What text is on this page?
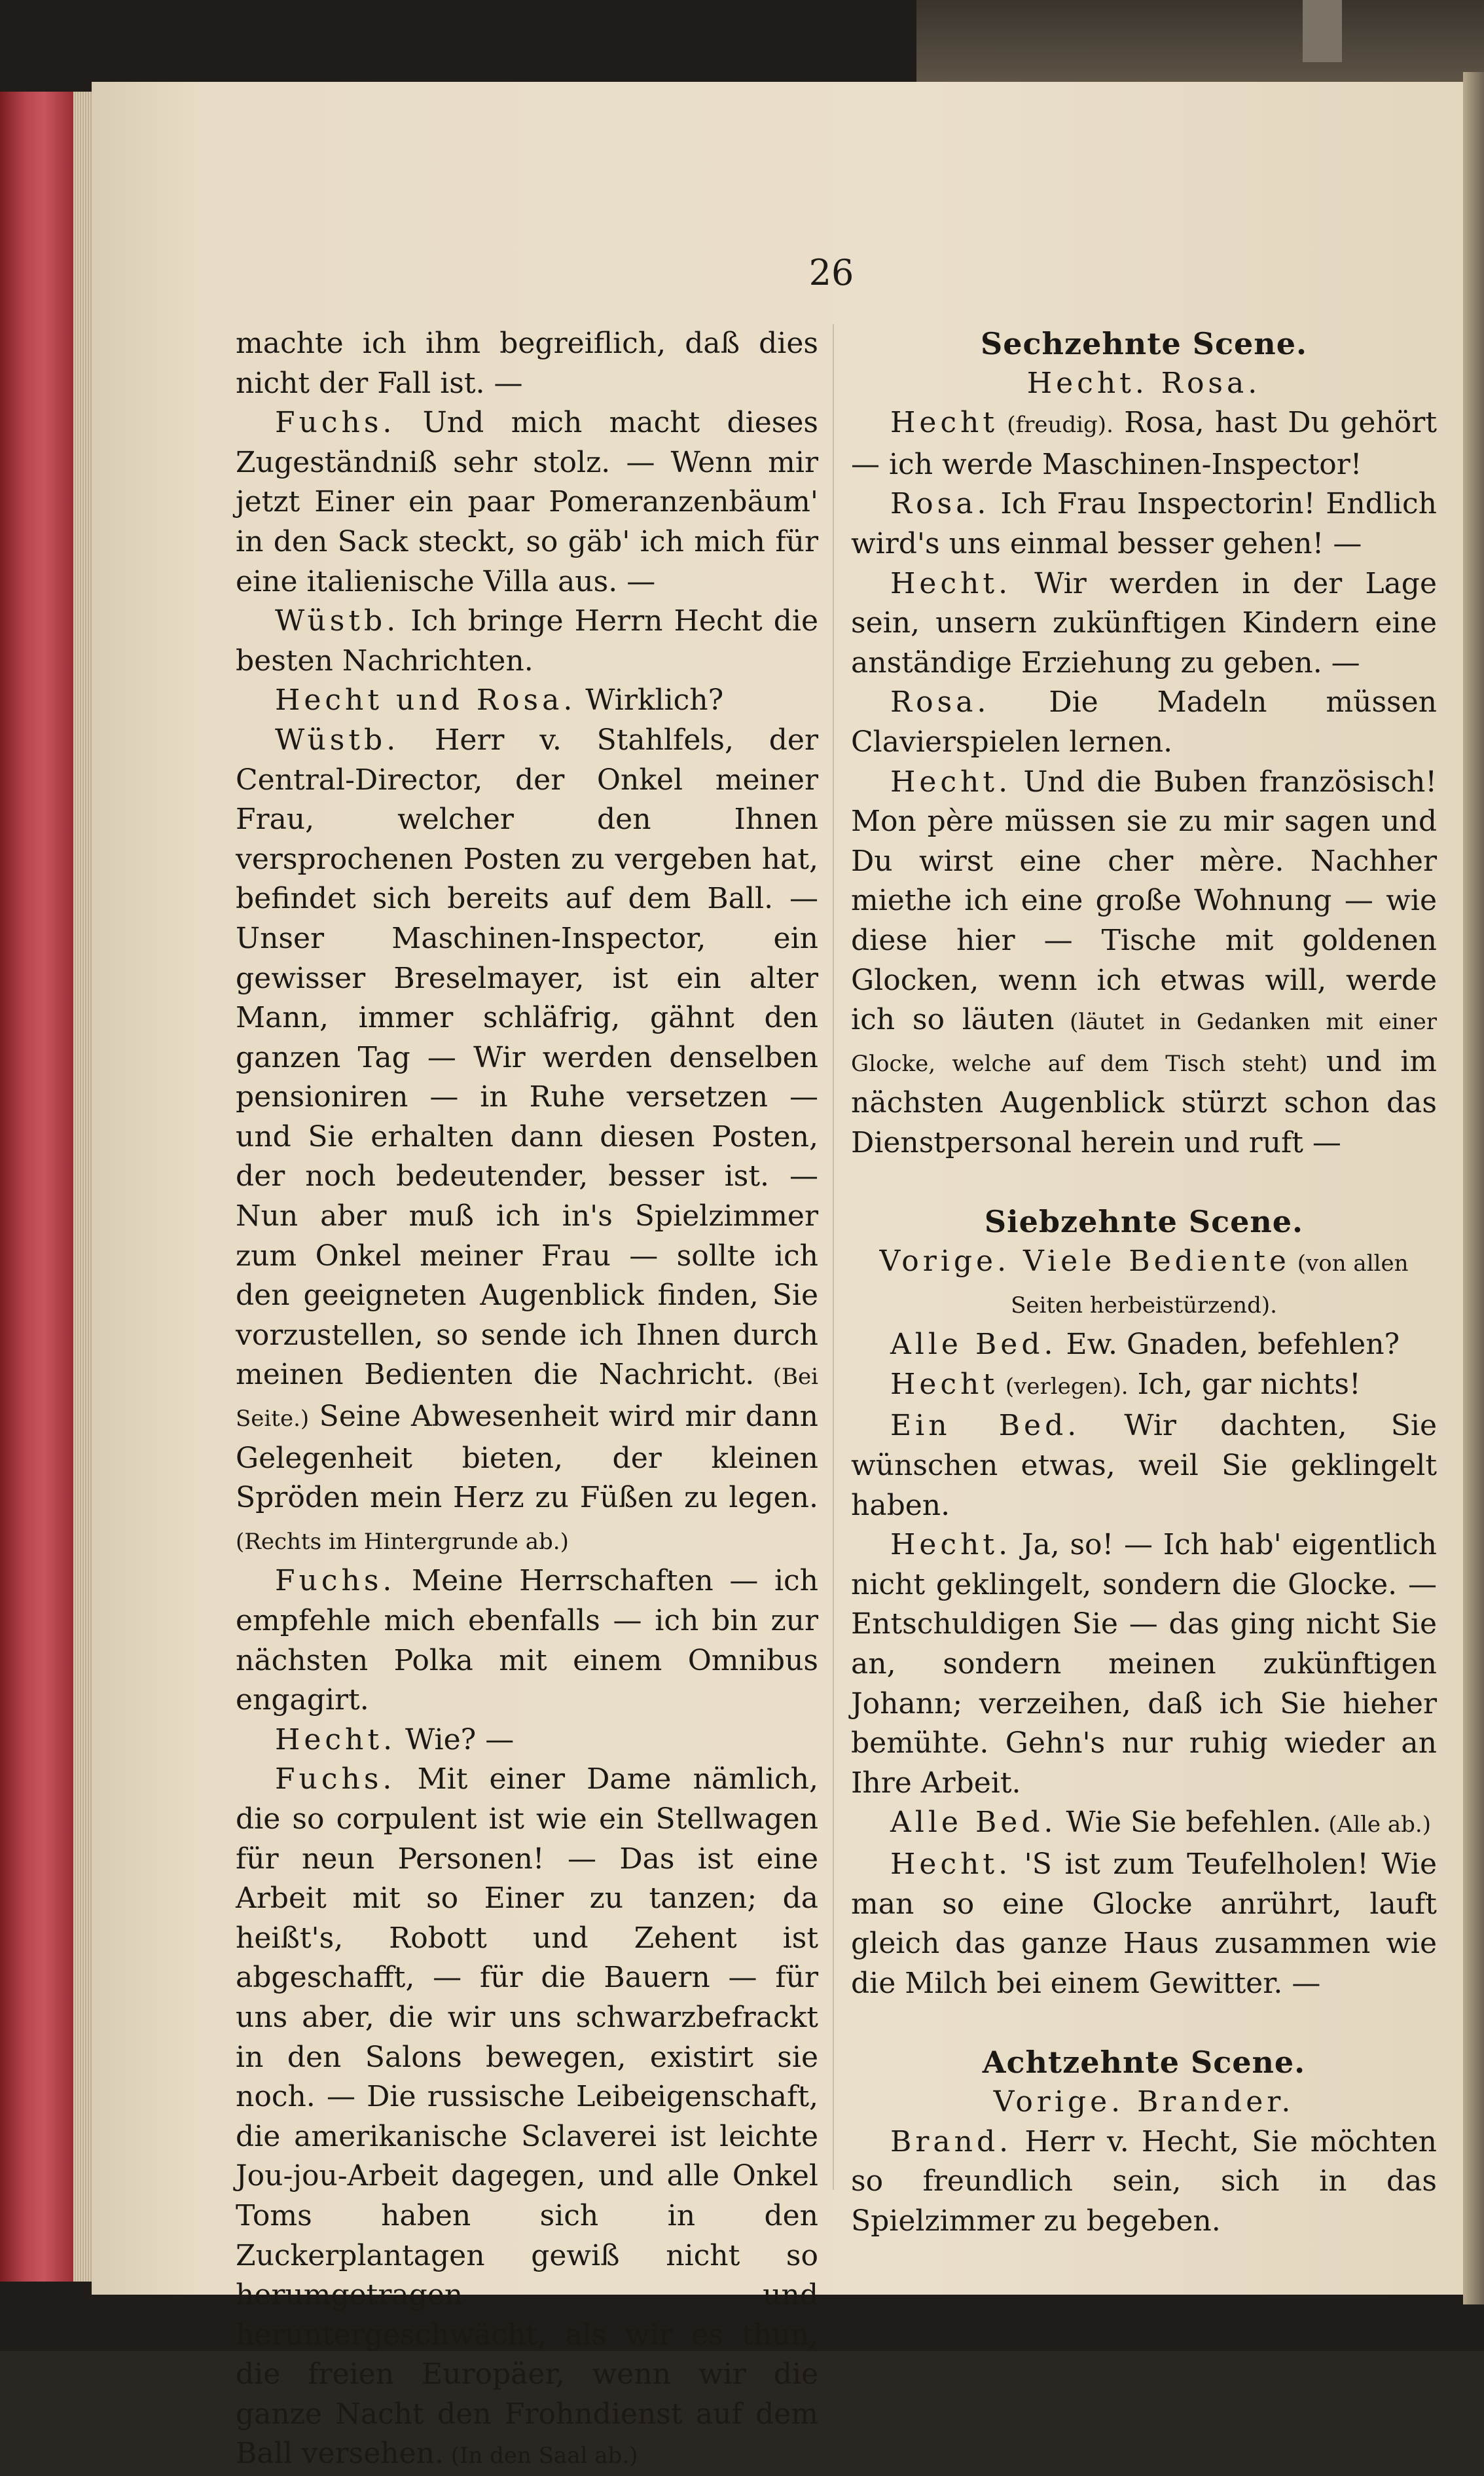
26

machte ich ihm begreiflich, daß dies nicht der Fall ist. —

Fuchs. Und mich macht dieses Zugeständniß sehr stolz. — Wenn mir jetzt Einer ein paar Pomeranzenbäum' in den Sack steckt, so gäb' ich mich für eine italienische Villa aus. —

Wüstb. Ich bringe Herrn Hecht die besten Nachrichten.

Hecht und Rosa. Wirklich?

Wüstb. Herr v. Stahlfels, der Central-Director, der Onkel meiner Frau, welcher den Ihnen versprochenen Posten zu vergeben hat, befindet sich bereits auf dem Ball. — Unser Maschinen-Inspector, ein gewisser Breselmayer, ist ein alter Mann, immer schläfrig, gähnt den ganzen Tag — Wir werden denselben pensioniren — in Ruhe versetzen — und Sie erhalten dann diesen Posten, der noch bedeutender, besser ist. — Nun aber muß ich in's Spielzimmer zum Onkel meiner Frau — sollte ich den geeigneten Augenblick finden, Sie vorzustellen, so sende ich Ihnen durch meinen Bedienten die Nachricht. (Bei Seite.) Seine Abwesenheit wird mir dann Gelegenheit bieten, der kleinen Spröden mein Herz zu Füßen zu legen. (Rechts im Hintergrunde ab.)

Fuchs. Meine Herrschaften — ich empfehle mich ebenfalls — ich bin zur nächsten Polka mit einem Omnibus engagirt.

Hecht. Wie? —

Fuchs. Mit einer Dame nämlich, die so corpulent ist wie ein Stellwagen für neun Personen! — Das ist eine Arbeit mit so Einer zu tanzen; da heißt's, Robott und Zehent ist abgeschafft, — für die Bauern — für uns aber, die wir uns schwarzbefrackt in den Salons bewegen, existirt sie noch. — Die russische Leibeigenschaft, die amerikanische Sclaverei ist leichte Jou-jou-Arbeit dagegen, und alle Onkel Toms haben sich in den Zuckerplantagen gewiß nicht so herumgetragen und heruntergeschwächt, als wir es thun, die freien Europäer, wenn wir die ganze Nacht den Frohndienst auf dem Ball versehen. (In den Saal ab.)

Sechzehnte Scene.

Hecht. Rosa.

Hecht (freudig). Rosa, hast Du gehört — ich werde Maschinen-Inspector!

Rosa. Ich Frau Inspectorin! Endlich wird's uns einmal besser gehen! —

Hecht. Wir werden in der Lage sein, unsern zukünftigen Kindern eine anständige Erziehung zu geben. —

Rosa. Die Madeln müssen Clavierspielen lernen.

Hecht. Und die Buben französisch! Mon père müssen sie zu mir sagen und Du wirst eine cher mère. Nachher miethe ich eine große Wohnung — wie diese hier — Tische mit goldenen Glocken, wenn ich etwas will, werde ich so läuten (läutet in Gedanken mit einer Glocke, welche auf dem Tisch steht) und im nächsten Augenblick stürzt schon das Dienstpersonal herein und ruft —

Siebzehnte Scene.

Vorige. Viele Bediente (von allen Seiten herbeistürzend).

Alle Bed. Ew. Gnaden, befehlen?

Hecht (verlegen). Ich, gar nichts!

Ein Bed. Wir dachten, Sie wünschen etwas, weil Sie geklingelt haben.

Hecht. Ja, so! — Ich hab' eigentlich nicht geklingelt, sondern die Glocke. — Entschuldigen Sie — das ging nicht Sie an, sondern meinen zukünftigen Johann; verzeihen, daß ich Sie hieher bemühte. Gehn's nur ruhig wieder an Ihre Arbeit.

Alle Bed. Wie Sie befehlen. (Alle ab.)

Hecht. 'S ist zum Teufelholen! Wie man so eine Glocke anrührt, lauft gleich das ganze Haus zusammen wie die Milch bei einem Gewitter. —

Achtzehnte Scene.

Vorige. Brander.

Brand. Herr v. Hecht, Sie möchten so freundlich sein, sich in das Spielzimmer zu begeben.
